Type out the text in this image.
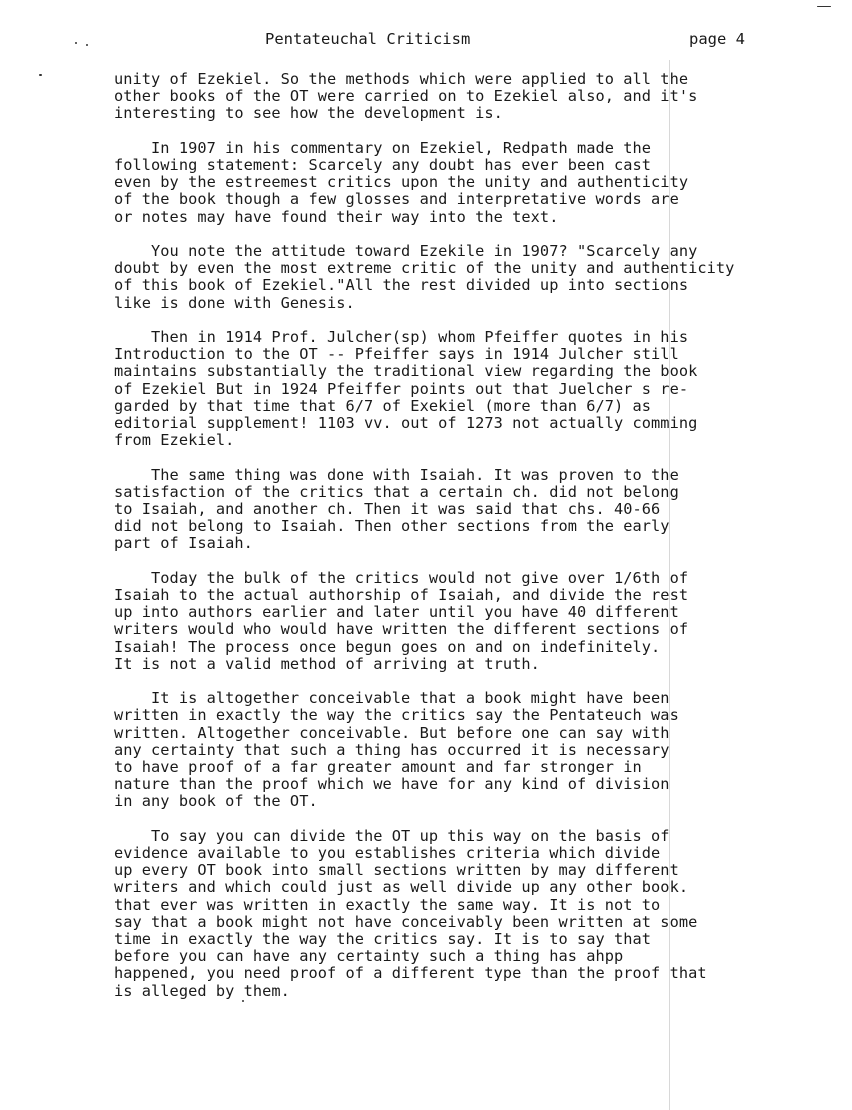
Pentateuchal Criticism	page 4

unity of Ezekiel. So the methods which were applied to all the
other books of the OT were carried on to Ezekiel also, and it's
interesting to see how the development is.

In 1907 in his commentary on Ezekiel, Redpath made the
following statement: Scarcely any doubt has ever been cast
even by the estreemest critics upon the unity and authenticity
of the book though a few glosses and interpretative words are
or notes may have found their way into the text.

You note the attitude toward Ezekile in 1907? "Scarcely any
doubt by even the most extreme critic of the unity and authenticity
of this book of Ezekiel."All the rest divided up into sections
like is done with Genesis.

Then in 1914 Prof. Julcher(sp) whom Pfeiffer quotes in his
Introduction to the OT -- Pfeiffer says in 1914 Julcher still
maintains substantially the traditional view regarding the book
of Ezekiel But in 1924 Pfeiffer points out that Juelcher s re-
garded by that time that 6/7 of Exekiel (more than 6/7) as
editorial supplement! 1103 vv. out of 1273 not actually comming
from Ezekiel.

The same thing was done with Isaiah. It was proven to the
satisfaction of the critics that a certain ch. did not belong
to Isaiah, and another ch. Then it was said that chs. 40-66
did not belong to Isaiah. Then other sections from the early
part of Isaiah.

Today the bulk of the critics would not give over 1/6th of
Isaiah to the actual authorship of Isaiah, and divide the rest
up into authors earlier and later until you have 40 different
writers would who would have written the different sections of
Isaiah! The process once begun goes on and on indefinitely.
It is not a valid method of arriving at truth.

It is altogether conceivable that a book might have been
written in exactly the way the critics say the Pentateuch was
written. Altogether conceivable. But before one can say with
any certainty that such a thing has occurred it is necessary
to have proof of a far greater amount and far stronger in
nature than the proof which we have for any kind of division
in any book of the OT.

To say you can divide the OT up this way on the basis of
evidence available to you establishes criteria which divide
up every OT book into small sections written by may different
writers and which could just as well divide up any other book.
that ever was written in exactly the same way. It is not to
say that a book might not have conceivably been written at some
time in exactly the way the critics say. It is to say that
before you can have any certainty such a thing has ahpp
happened, you need proof of a different type than the proof that
is alleged by them.
